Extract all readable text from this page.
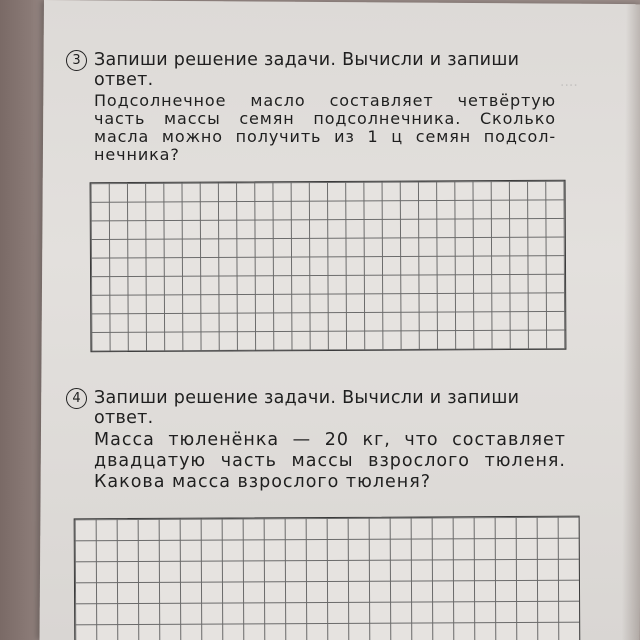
····
3 Запиши решение задачи. Вычисли и запиши ответ.
Подсолнечное масло составляет четвёртую часть массы семян подсолнечника. Сколько масла можно получить из 1 ц семян подсол-нечника?
4 Запиши решение задачи. Вычисли и запиши ответ.
Масса тюленёнка — 20 кг, что составляет двадцатую часть массы взрослого тюленя. Какова масса взрослого тюленя?
